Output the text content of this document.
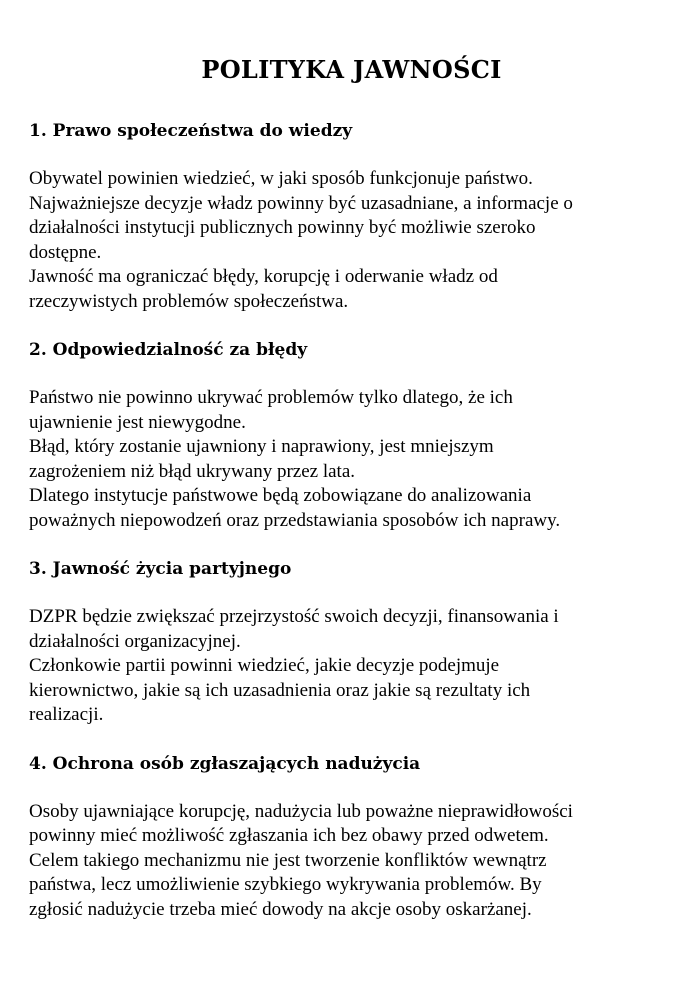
POLITYKA JAWNOŚCI
1. Prawo społeczeństwa do wiedzy

Obywatel powinien wiedzieć, w jaki sposób funkcjonuje państwo.
Najważniejsze decyzje władz powinny być uzasadniane, a informacje o
działalności instytucji publicznych powinny być możliwie szeroko
dostępne.
Jawność ma ograniczać błędy, korupcję i oderwanie władz od
rzeczywistych problemów społeczeństwa.

2. Odpowiedzialność za błędy

Państwo nie powinno ukrywać problemów tylko dlatego, że ich
ujawnienie jest niewygodne.
Błąd, który zostanie ujawniony i naprawiony, jest mniejszym
zagrożeniem niż błąd ukrywany przez lata.
Dlatego instytucje państwowe będą zobowiązane do analizowania
poważnych niepowodzeń oraz przedstawiania sposobów ich naprawy.

3. Jawność życia partyjnego

DZPR będzie zwiększać przejrzystość swoich decyzji, finansowania i
działalności organizacyjnej.
Członkowie partii powinni wiedzieć, jakie decyzje podejmuje
kierownictwo, jakie są ich uzasadnienia oraz jakie są rezultaty ich
realizacji.

4. Ochrona osób zgłaszających nadużycia

Osoby ujawniające korupcję, nadużycia lub poważne nieprawidłowości
powinny mieć możliwość zgłaszania ich bez obawy przed odwetem.
Celem takiego mechanizmu nie jest tworzenie konfliktów wewnątrz
państwa, lecz umożliwienie szybkiego wykrywania problemów. By
zgłosić nadużycie trzeba mieć dowody na akcje osoby oskarżanej.
